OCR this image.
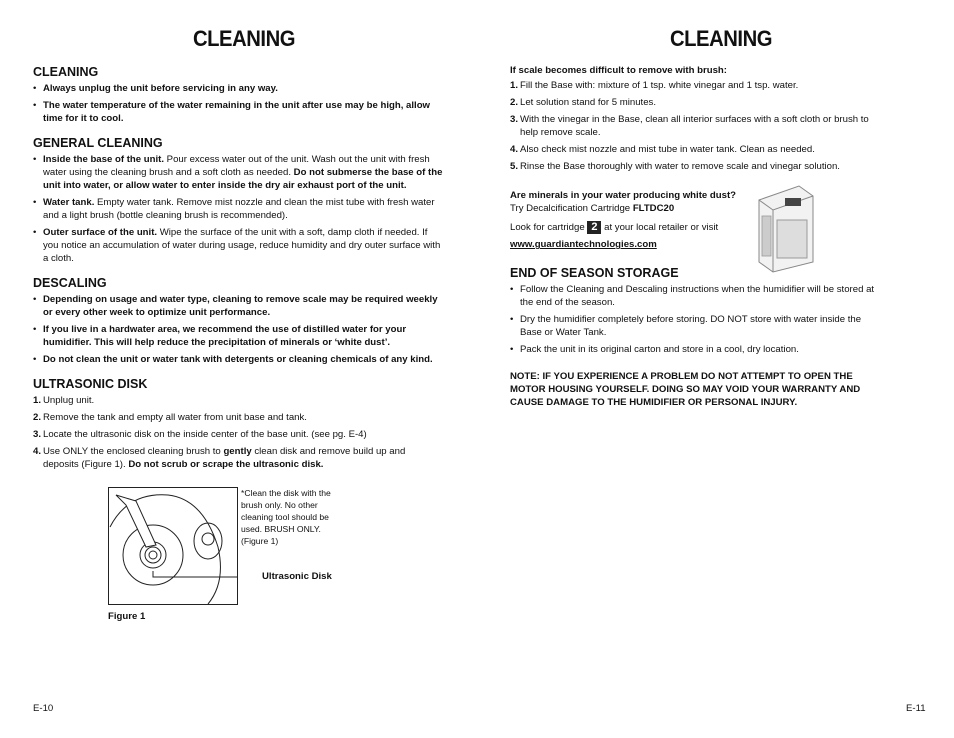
CLEANING
CLEANING
• Always unplug the unit before servicing in any way.
• The water temperature of the water remaining in the unit after use may be high, allow time for it to cool.
GENERAL CLEANING
• Inside the base of the unit. Pour excess water out of the unit. Wash out the unit with fresh water using the cleaning brush and a soft cloth as needed. Do not submerse the base of the unit into water, or allow water to enter inside the dry air exhaust port of the unit.
• Water tank. Empty water tank. Remove mist nozzle and clean the mist tube with fresh water and a light brush (bottle cleaning brush is recommended).
• Outer surface of the unit. Wipe the surface of the unit with a soft, damp cloth if needed. If you notice an accumulation of water during usage, reduce humidity and dry outer surface with a cloth.
DESCALING
• Depending on usage and water type, cleaning to remove scale may be required weekly or every other week to optimize unit performance.
• If you live in a hardwater area, we recommend the use of distilled water for your humidifier. This will help reduce the precipitation of minerals or ‘white dust’.
• Do not clean the unit or water tank with detergents or cleaning chemicals of any kind.
ULTRASONIC DISK
1. Unplug unit.
2. Remove the tank and empty all water from unit base and tank.
3. Locate the ultrasonic disk on the inside center of the base unit. (see pg. E-4)
4. Use ONLY the enclosed cleaning brush to gently clean disk and remove build up and deposits (Figure 1). Do not scrub or scrape the ultrasonic disk.
*Clean the disk with the brush only. No other cleaning tool should be used. BRUSH ONLY. (Figure 1)
Ultrasonic Disk
Figure 1
E-10
CLEANING
If scale becomes difficult to remove with brush:
1. Fill the Base with: mixture of 1 tsp. white vinegar and 1 tsp. water.
2. Let solution stand for 5 minutes.
3. With the vinegar in the Base, clean all interior surfaces with a soft cloth or brush to help remove scale.
4. Also check mist nozzle and mist tube in water tank. Clean as needed.
5. Rinse the Base thoroughly with water to remove scale and vinegar solution.
Are minerals in your water producing white dust?
Try Decalcification Cartridge FLTDC20
Look for cartridge 2 at your local retailer or visit
www.guardiantechnologies.com
END OF SEASON STORAGE
• Follow the Cleaning and Descaling instructions when the humidifier will be stored at the end of the season.
• Dry the humidifier completely before storing. DO NOT store with water inside the Base or Water Tank.
• Pack the unit in its original carton and store in a cool, dry location.
NOTE: IF YOU EXPERIENCE A PROBLEM DO NOT ATTEMPT TO OPEN THE MOTOR HOUSING YOURSELF. DOING SO MAY VOID YOUR WARRANTY AND CAUSE DAMAGE TO THE HUMIDIFIER OR PERSONAL INJURY.
E-11
